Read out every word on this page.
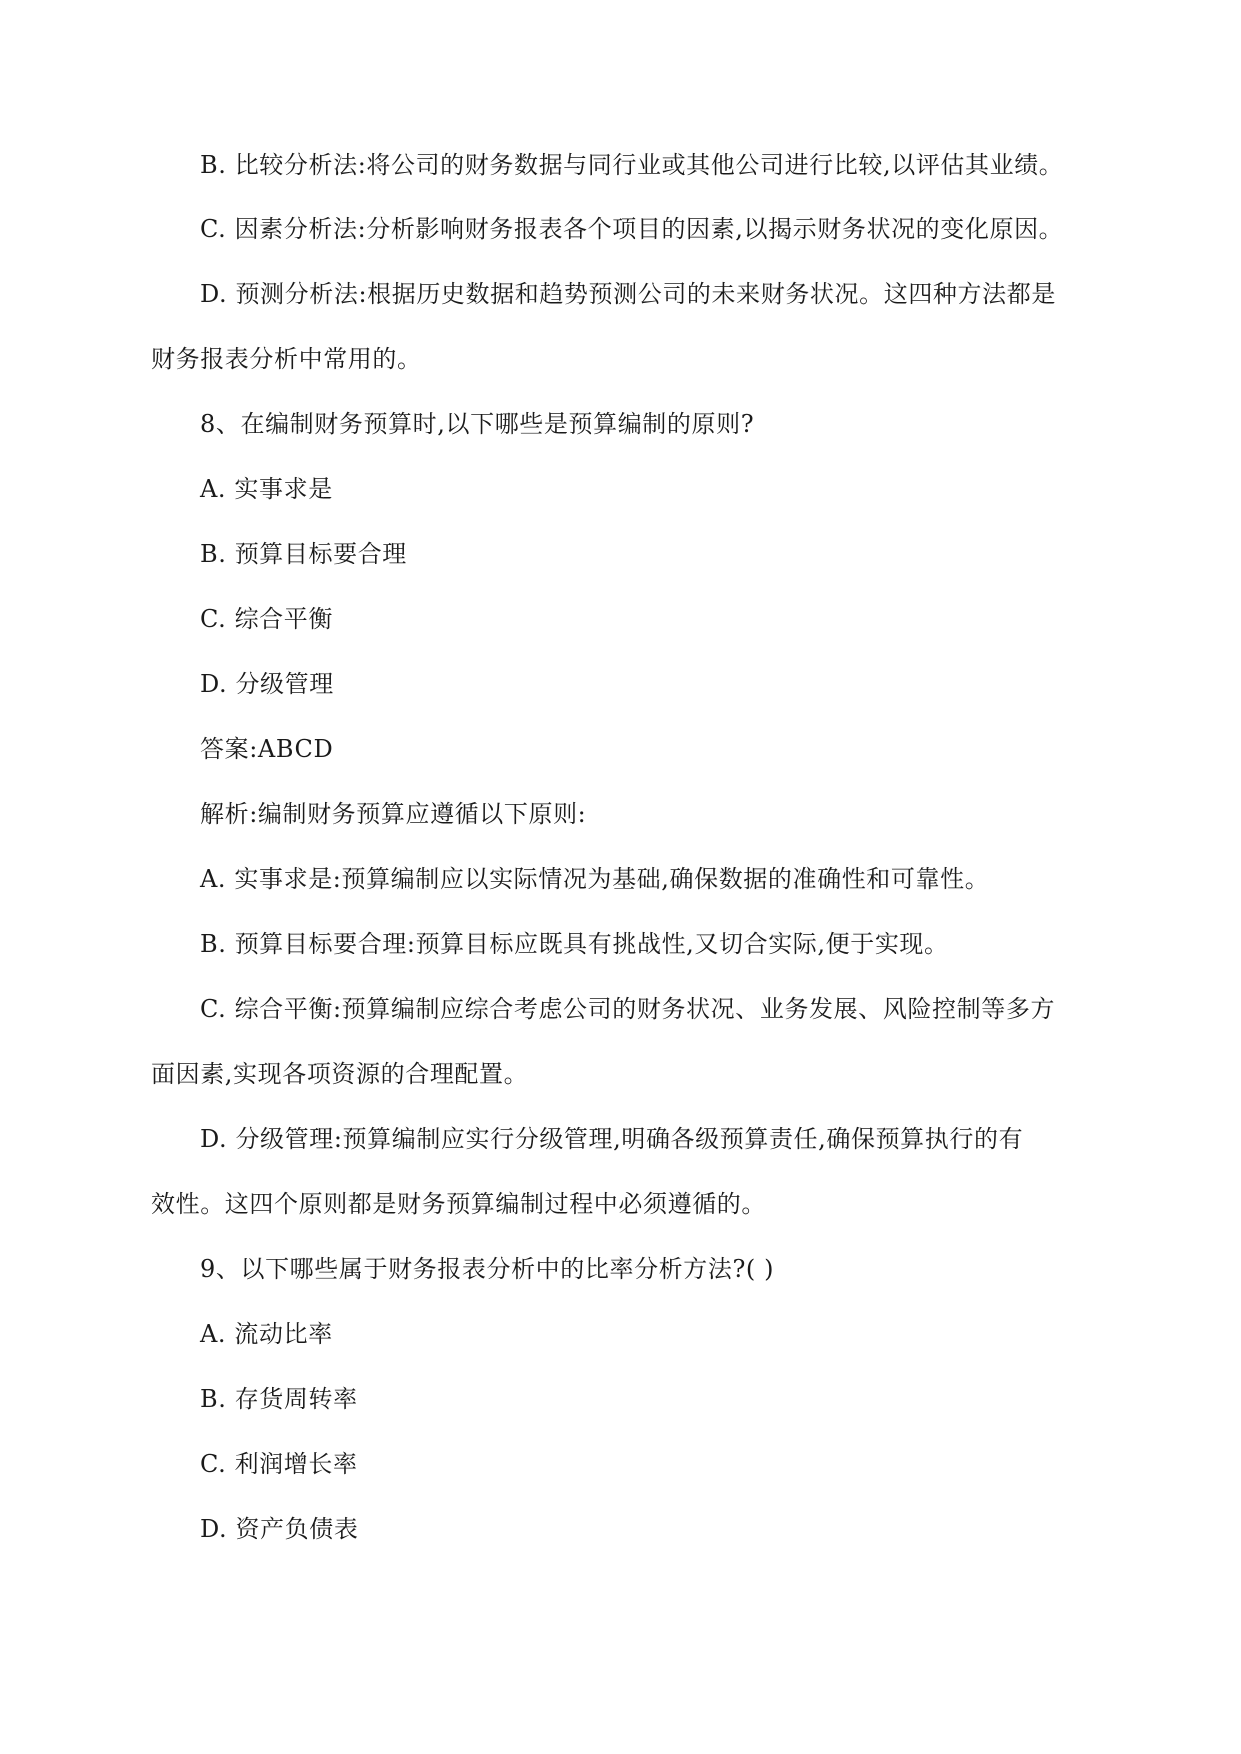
B. 比较分析法:将公司的财务数据与同行业或其他公司进行比较,以评估其业绩。
C. 因素分析法:分析影响财务报表各个项目的因素,以揭示财务状况的变化原因。
D. 预测分析法:根据历史数据和趋势预测公司的未来财务状况。这四种方法都是
财务报表分析中常用的。
8、在编制财务预算时,以下哪些是预算编制的原则?
A. 实事求是
B. 预算目标要合理
C. 综合平衡
D. 分级管理
答案:ABCD
解析:编制财务预算应遵循以下原则:
A. 实事求是:预算编制应以实际情况为基础,确保数据的准确性和可靠性。
B. 预算目标要合理:预算目标应既具有挑战性,又切合实际,便于实现。
C. 综合平衡:预算编制应综合考虑公司的财务状况、业务发展、风险控制等多方
面因素,实现各项资源的合理配置。
D. 分级管理:预算编制应实行分级管理,明确各级预算责任,确保预算执行的有
效性。这四个原则都是财务预算编制过程中必须遵循的。
9、以下哪些属于财务报表分析中的比率分析方法?( )
A. 流动比率
B. 存货周转率
C. 利润增长率
D. 资产负债表
